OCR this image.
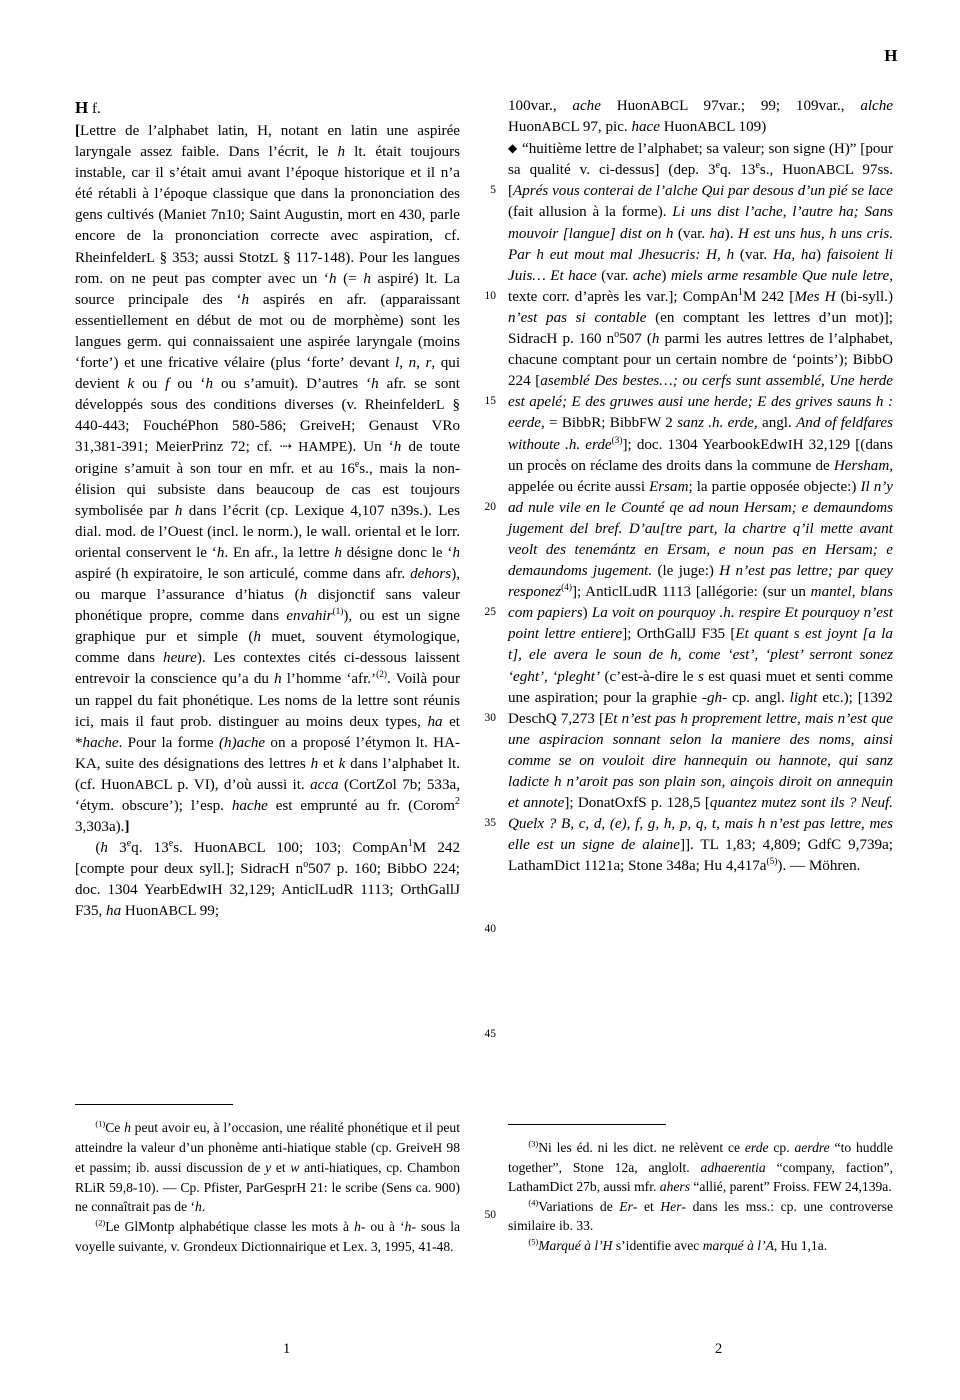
H

H f.

[Lettre de l’alphabet latin, H, notant en latin une aspirée laryngale assez faible. Dans l’écrit, le h lt. était toujours instable, car il s’était amui avant l’époque historique et il n’a été rétabli à l’époque classique que dans la prononciation des gens cultivés (Maniet 7n10; Saint Augustin, mort en 430, parle encore de la prononciation correcte avec aspiration, cf. RheinfelderL § 353; aussi StotzL § 117-148). Pour les langues rom. on ne peut pas compter avec un ‘h (= h aspiré) lt. La source principale des ‘h aspirés en afr. (apparaissant essentiellement en début de mot ou de morphème) sont les langues germ. qui connaissaient une aspirée laryngale (moins ‘forte’) et une fricative vélaire (plus ‘forte’ devant l, n, r, qui devient k ou f ou ‘h ou s’amuit). D’autres ‘h afr. se sont développés sous des conditions diverses (v. RheinfelderL § 440-443; FouchéPhon 580-586; GreiveH; Genaust VRo 31,381-391; MeierPrinz 72; cf. ⇢ HAMPE). Un ‘h de toute origine s’amuit à son tour en mfr. et au 16es., mais la non-élision qui subsiste dans beaucoup de cas est toujours symbolisée par h dans l’écrit (cp. Lexique 4,107 n39s.). Les dial. mod. de l’Ouest (incl. le norm.), le wall. oriental et le lorr. oriental conservent le ‘h. En afr., la lettre h désigne donc le ‘h aspiré (h expiratoire, le son articulé, comme dans afr. dehors), ou marque l’assurance d’hiatus (h disjonctif sans valeur phonétique propre, comme dans envahir$^{(1)}$), ou est un signe graphique pur et simple (h muet, souvent étymologique, comme dans heure). Les contextes cités ci-dessous laissent entrevoir la conscience qu’a du h l’homme ‘afr.’$^{(2)}$. Voilà pour un rappel du fait phonétique. Les noms de la lettre sont réunis ici, mais il faut prob. distinguer au moins deux types, ha et *hache. Pour la forme (h)ache on a proposé l’étymon lt. HA-KA, suite des désignations des lettres h et k dans l’alphabet lt. (cf. HuonABCL p. VI), d’où aussi it. acca (CortZol 7b; 533a, ‘étym. obscure’); l’esp. hache est emprunté au fr. (Corom$^2$ 3,303a).]

(h 3eq. 13es. HuonABCL 100; 103; CompAn$^1$M 242 [compte pour deux syll.]; SidracH $n^o507$ p. 160; BibbO 224; doc. 1304 YearbEdwIH 32,129; AnticlLudR 1113; OrthGallJ F35, ha HuonABCL 99;

5
10
15
20
25
30
35
40
45

100var., ache HuonABCL 97var.; 99; 109var., alche HuonABCL 97, pic. hace HuonABCL 109)

◆ “huitième lettre de l’alphabet; sa valeur; son signe (H)” [pour sa qualité v. ci-dessus] (dep. 3eq. 13es., HuonABCL 97ss. [Aprés vous conterai de l’alche Qui par desous d’un pié se lace (fait allusion à la forme). Li uns dist l’ache, l’autre ha; Sans mouvoir [langue] dist on h (var. ha). H est uns hus, h uns cris. Par h eut mout mal Jhesucris: H, h (var. Ha, ha) faisoient li Juis… Et hace (var. ache) miels arme resamble Que nule letre, texte corr. d’après les var.]; CompAn$^1$M 242 [Mes H (bi-syll.) n’est pas si contable (en comptant les lettres d’un mot)]; SidracH p. 160 $n^o507$ (h parmi les autres lettres de l’alphabet, chacune comptant pour un certain nombre de ‘points’); BibbO 224 [asemblé Des bestes…; ou cerfs sunt assemblé, Une herde est apelé; E des gruwes ausi une herde; E des grives sauns h : eerde, = BibbR; BibbFW 2 sanz .h. erde, angl. And of feldfares withoute .h. erde$^{(3)}$]; doc. 1304 YearbookEdwIH 32,129 [(dans un procès on réclame des droits dans la commune de Hersham, appelée ou écrite aussi Ersam; la partie opposée objecte:) Il n’y ad nule vile en le Counté qe ad noun Hersam; e demaundoms jugement del bref. D’au[tre part, la chartre q’il mette avant veolt des tenemántz en Ersam, e noun pas en Hersam; e demaundoms jugement. (le juge:) H n’est pas lettre; par quey responez$^{(4)}$]; AnticlLudR 1113 [allégorie: (sur un mantel, blans com papiers) La voit on pourquoy .h. respire Et pourquoy n’est point lettre entiere]; OrthGallJ F35 [Et quant s est joynt [a la t], ele avera le soun de h, come ‘est’, ‘plest’ serront sonez ‘eght’, ‘pleght’ (c’est-à-dire le s est quasi muet et senti comme une aspiration; pour la graphie -gh- cp. angl. light etc.); [1392 DeschQ 7,273 [Et n’est pas h proprement lettre, mais n’est que une aspiracion sonnant selon la maniere des noms, ainsi comme se on vouloit dire hannequin ou hannote, qui sanz ladicte h n’aroit pas son plain son, ainçois diroit on annequin et annote]; DonatOxfS p. 128,5 [quantez mutez sont ils ? Neuf. Quelx ? B, c, d, (e), f, g, h, p, q, t, mais h n’est pas lettre, mes elle est un signe de alaine]]. TL 1,83; 4,809; GdfC 9,739a; LathamDict 1121a; Stone 348a; Hu 4,417a$^{(5)}$). — Möhren.

$^{(1)}$Ce h peut avoir eu, à l’occasion, une réalité phonétique et il peut atteindre la valeur d’un phonème anti-hiatique stable (cp. GreiveH 98 et passim; ib. aussi discussion de y et w anti-hiatiques, cp. Chambon RLiR 59,8-10). — Cp. Pfister, ParGesprH 21: le scribe (Sens ca. 900) ne connaîtrait pas de ‘h.

$^{(2)}$Le GlMontp alphabétique classe les mots à h- ou à ‘h- sous la voyelle suivante, v. Grondeux Dictionnairique et Lex. 3, 1995, 41-48.

$^{(3)}$Ni les éd. ni les dict. ne relèvent ce erde cp. aerdre “to huddle together”, Stone 12a, anglolt. adhaerentia “company, faction”, LathamDict 27b, aussi mfr. ahers “allié, parent” Froiss. FEW 24,139a.

$^{(4)}$Variations de Er- et Her- dans les mss.: cp. une controverse similaire ib. 33.

$^{(5)}$Marqué à l’H s’identifie avec marqué à l’A, Hu 1,1a.

50
1	2
